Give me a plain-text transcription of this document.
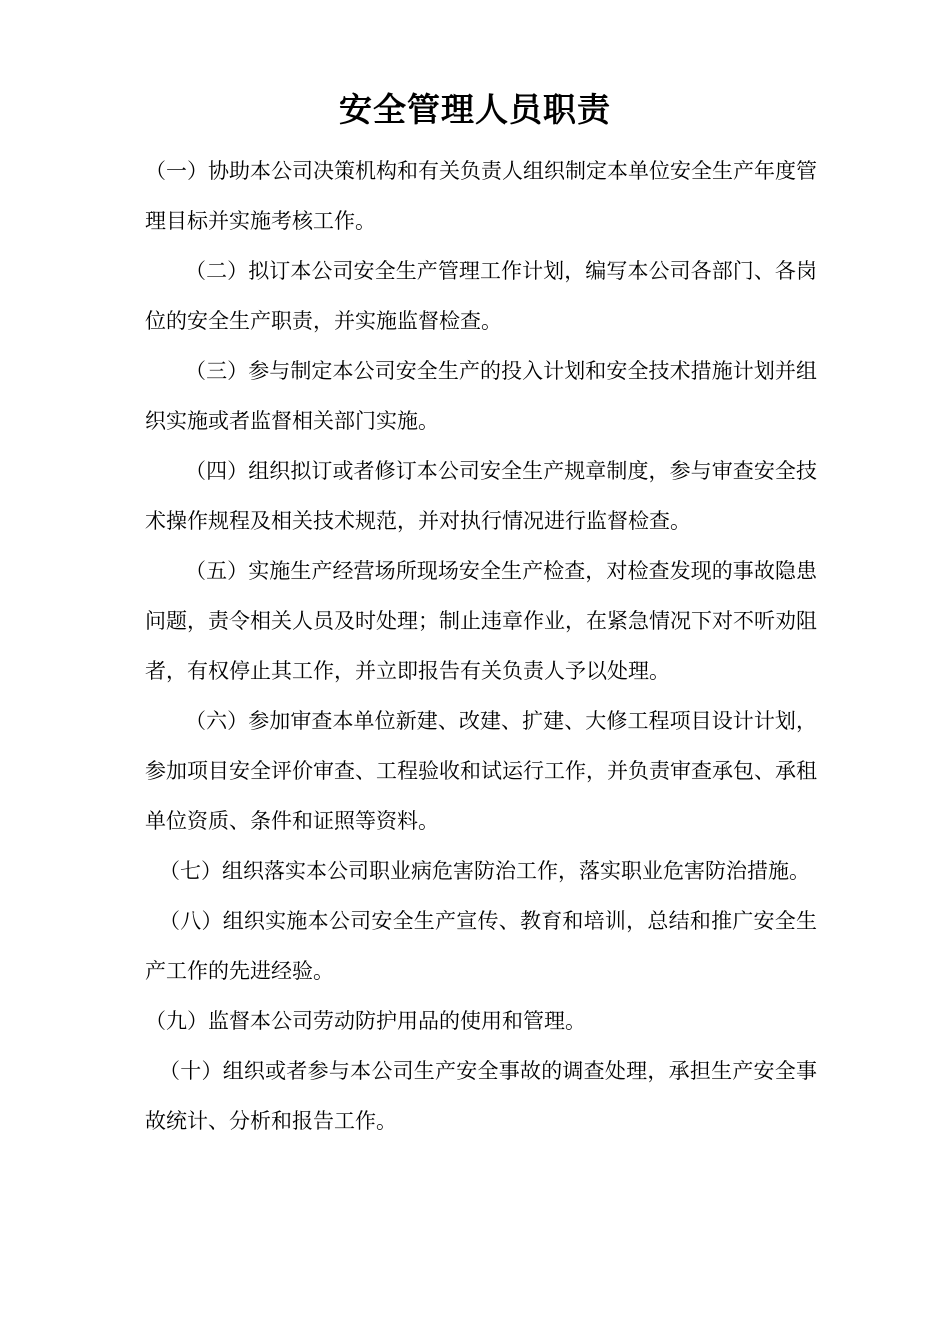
安全管理人员职责

（一）协助本公司决策机构和有关负责人组织制定本单位安全生产年度管理目标并实施考核工作。

（二）拟订本公司安全生产管理工作计划，编写本公司各部门、各岗位的安全生产职责，并实施监督检查。

（三）参与制定本公司安全生产的投入计划和安全技术措施计划并组织实施或者监督相关部门实施。

（四）组织拟订或者修订本公司安全生产规章制度，参与审查安全技术操作规程及相关技术规范，并对执行情况进行监督检查。

（五）实施生产经营场所现场安全生产检查，对检查发现的事故隐患问题，责令相关人员及时处理；制止违章作业，在紧急情况下对不听劝阻者，有权停止其工作，并立即报告有关负责人予以处理。

（六）参加审查本单位新建、改建、扩建、大修工程项目设计计划，参加项目安全评价审查、工程验收和试运行工作，并负责审查承包、承租单位资质、条件和证照等资料。

（七）组织落实本公司职业病危害防治工作，落实职业危害防治措施。

（八）组织实施本公司安全生产宣传、教育和培训，总结和推广安全生产工作的先进经验。

（九）监督本公司劳动防护用品的使用和管理。

（十）组织或者参与本公司生产安全事故的调查处理，承担生产安全事故统计、分析和报告工作。
